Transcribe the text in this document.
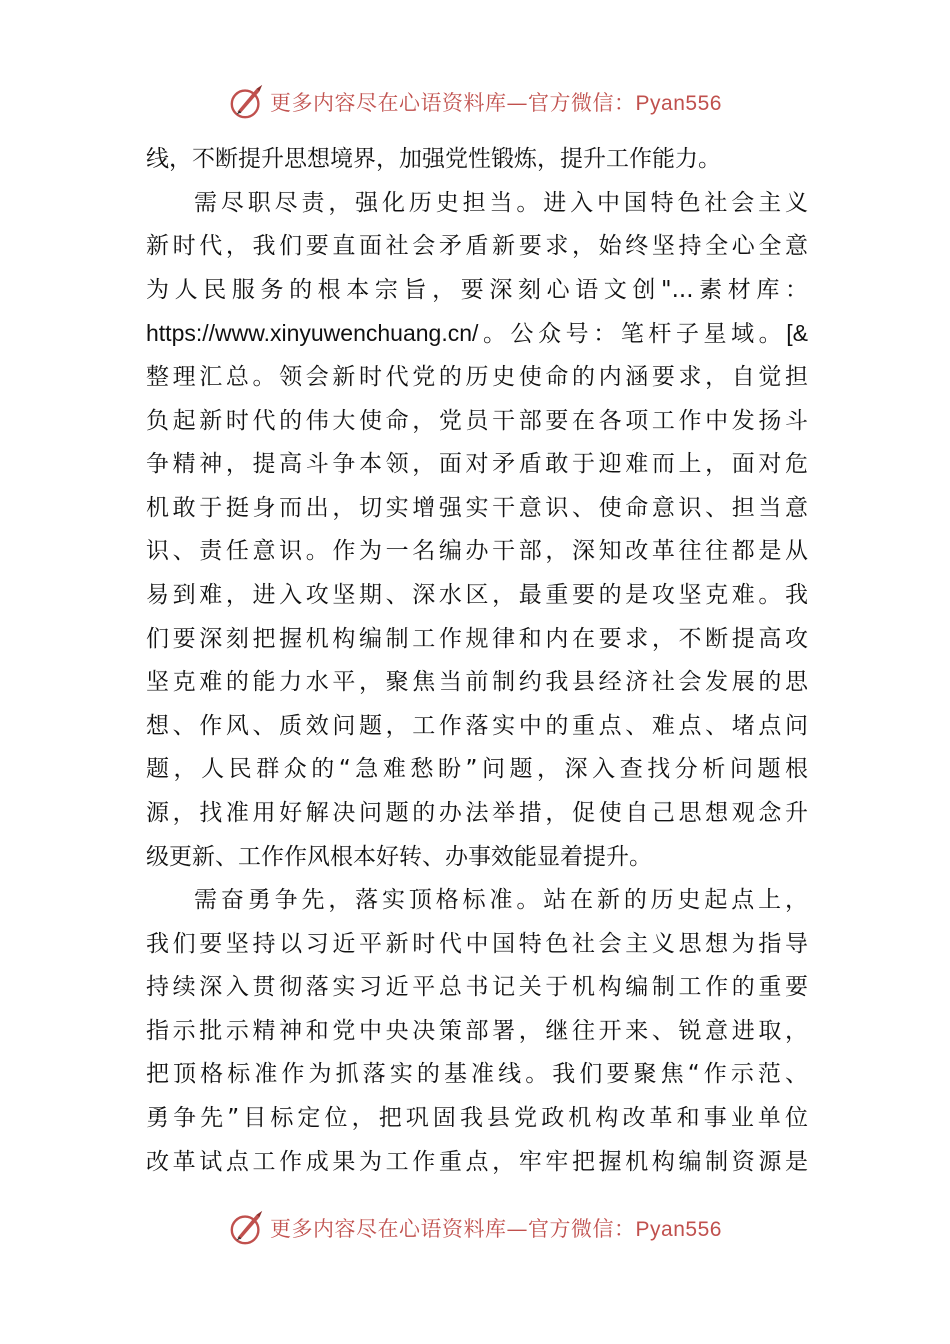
更多内容尽在心语资料库—官方微信：Pyan556
线，不断提升思想境界，加强党性锻炼，提升工作能力。
需尽职尽责，强化历史担当。进入中国特色社会主义
新时代，我们要直面社会矛盾新要求，始终坚持全心全意
为人民服务的根本宗旨，要深刻心语文创"...素材库：
https://www.xinyuwenchuang.cn/。公众号：笔杆子星域。[&
整理汇总。领会新时代党的历史使命的内涵要求，自觉担
负起新时代的伟大使命，党员干部要在各项工作中发扬斗
争精神，提高斗争本领，面对矛盾敢于迎难而上，面对危
机敢于挺身而出，切实增强实干意识、使命意识、担当意
识、责任意识。作为一名编办干部，深知改革往往都是从
易到难，进入攻坚期、深水区，最重要的是攻坚克难。我
们要深刻把握机构编制工作规律和内在要求，不断提高攻
坚克难的能力水平，聚焦当前制约我县经济社会发展的思
想、作风、质效问题，工作落实中的重点、难点、堵点问
题，人民群众的“急难愁盼”问题，深入查找分析问题根
源，找准用好解决问题的办法举措，促使自己思想观念升
级更新、工作作风根本好转、办事效能显着提升。
需奋勇争先，落实顶格标准。站在新的历史起点上，
我们要坚持以习近平新时代中国特色社会主义思想为指导
持续深入贯彻落实习近平总书记关于机构编制工作的重要
指示批示精神和党中央决策部署，继往开来、锐意进取，
把顶格标准作为抓落实的基准线。我们要聚焦“作示范、
勇争先”目标定位，把巩固我县党政机构改革和事业单位
改革试点工作成果为工作重点，牢牢把握机构编制资源是
更多内容尽在心语资料库—官方微信：Pyan556
